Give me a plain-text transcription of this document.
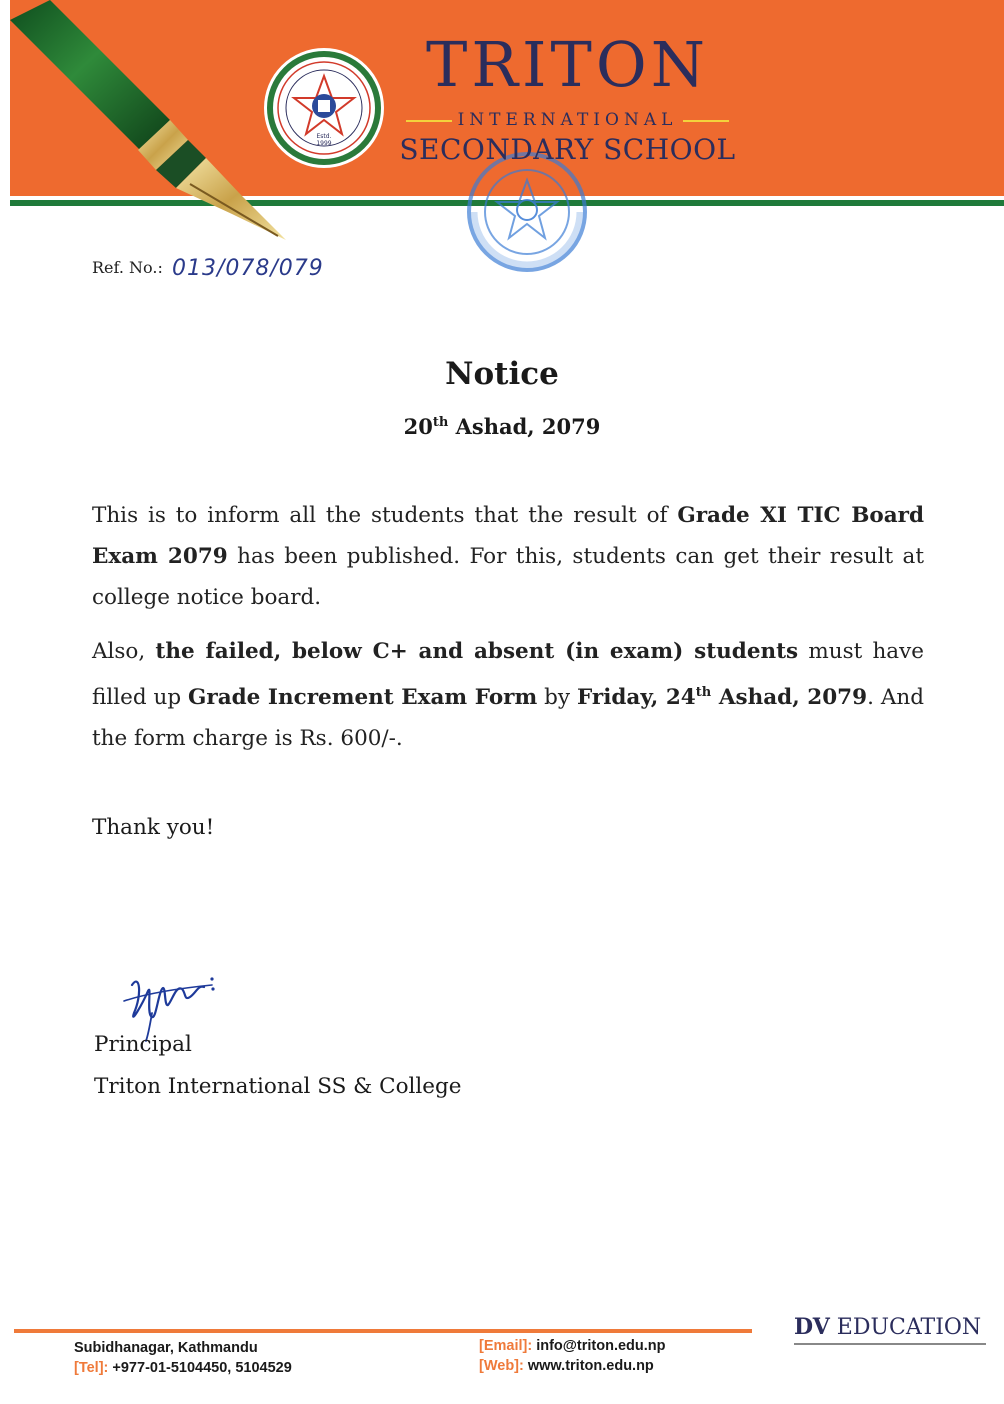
Estd.
1999
TRITON
INTERNATIONAL
SECONDARY SCHOOL
Ref. No.: 013/078/079
Notice
20th Ashad, 2079
This is to inform all the students that the result of Grade XI TIC Board Exam 2079 has been published. For this, students can get their result at college notice board.
Also, the failed, below C+ and absent (in exam) students must have filled up Grade Increment Exam Form by Friday, 24th Ashad, 2079. And the form charge is Rs. 600/-.
Thank you!
Principal
Triton International SS & College
DV EDUCATION
Subidhanagar, Kathmandu
[Tel]: +977-01-5104450, 5104529
[Email]: info@triton.edu.np
[Web]: www.triton.edu.np
